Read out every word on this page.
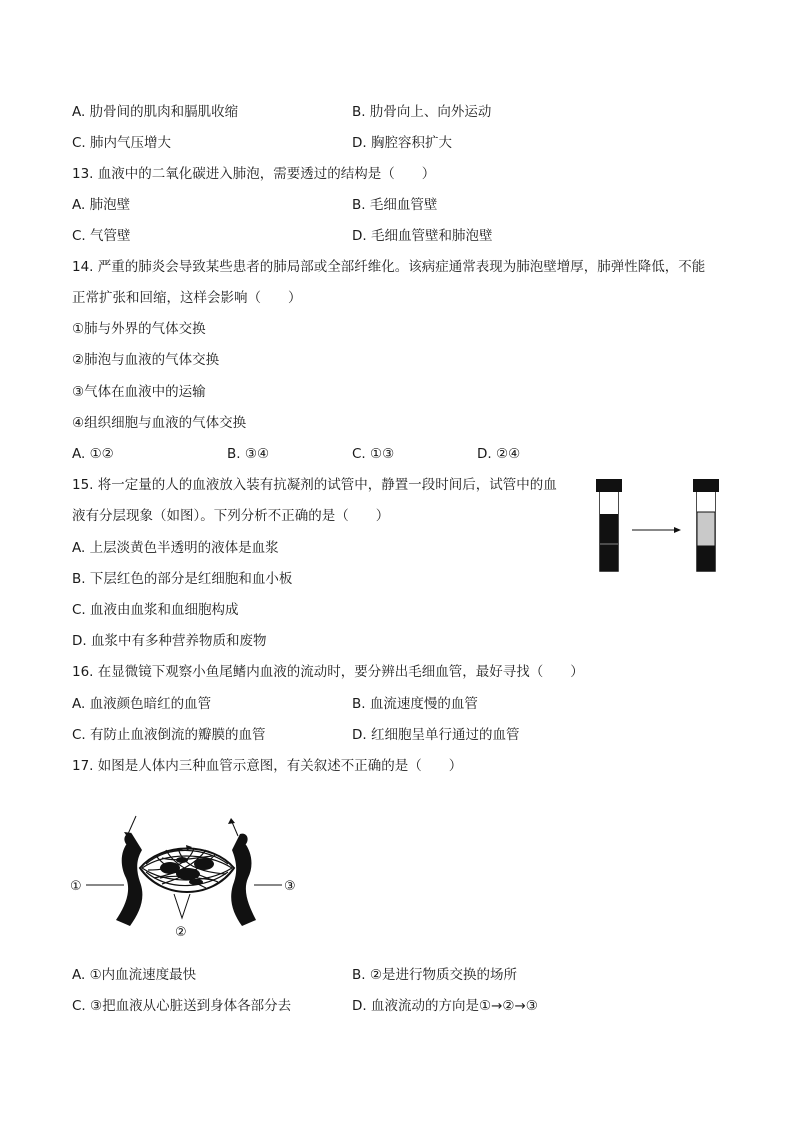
A. 肋骨间的肌肉和膈肌收缩	B. 肋骨向上、向外运动
C. 肺内气压增大	D. 胸腔容积扩大
13. 血液中的二氧化碳进入肺泡，需要透过的结构是（　　）
A. 肺泡壁	B. 毛细血管壁
C. 气管壁	D. 毛细血管壁和肺泡壁
14. 严重的肺炎会导致某些患者的肺局部或全部纤维化。该病症通常表现为肺泡壁增厚，肺弹性降低，不能
正常扩张和回缩，这样会影响（　　）
①肺与外界的气体交换
②肺泡与血液的气体交换
③气体在血液中的运输
④组织细胞与血液的气体交换
A. ①②	B. ③④	C. ①③	D. ②④
15. 将一定量的人的血液放入装有抗凝剂的试管中，静置一段时间后，试管中的血
液有分层现象（如图）。下列分析不正确的是（　　）
A. 上层淡黄色半透明的液体是血浆
B. 下层红色的部分是红细胞和血小板
C. 血液由血浆和血细胞构成
D. 血浆中有多种营养物质和废物
16. 在显微镜下观察小鱼尾鳍内血液的流动时，要分辨出毛细血管，最好寻找（　　）
A. 血液颜色暗红的血管	B. 血流速度慢的血管
C. 有防止血液倒流的瓣膜的血管	D. 红细胞呈单行通过的血管
17. 如图是人体内三种血管示意图，有关叙述不正确的是（　　）
①
②
③
A. ①内血流速度最快	B. ②是进行物质交换的场所
C. ③把血液从心脏送到身体各部分去	D. 血液流动的方向是①→②→③
